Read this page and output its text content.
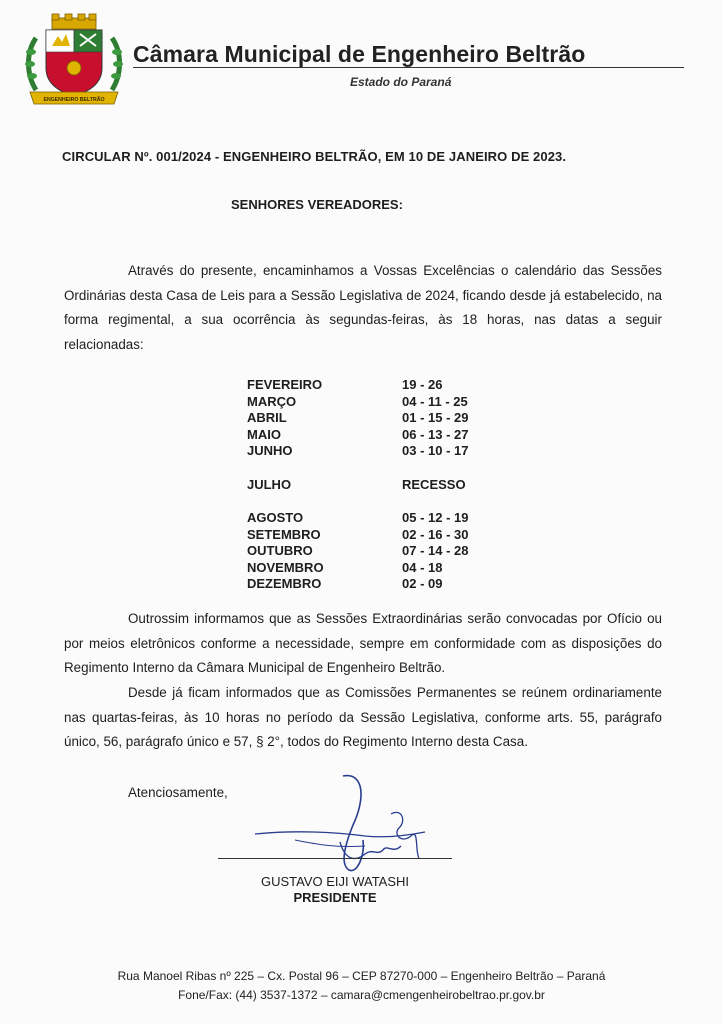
ENGENHEIRO BELTRÃO
Câmara Municipal de Engenheiro Beltrão
Estado do Paraná
CIRCULAR Nº. 001/2024 - ENGENHEIRO BELTRÃO, EM 10 DE JANEIRO DE 2023.
SENHORES VEREADORES:

Através do presente, encaminhamos a Vossas Excelências o calendário das Sessões Ordinárias desta Casa de Leis para a Sessão Legislativa de 2024, ficando desde já estabelecido, na forma regimental, a sua ocorrência às segundas-feiras, às 18 horas, nas datas a seguir relacionadas:

FEVEREIRO	19 - 26
MARÇO	04 - 11 - 25
ABRIL	01 - 15 - 29
MAIO	06 - 13 - 27
JUNHO	03 - 10 - 17
JULHO	RECESSO
AGOSTO	05 - 12 - 19
SETEMBRO	02 - 16 - 30
OUTUBRO	07 - 14 - 28
NOVEMBRO	04 - 18
DEZEMBRO	02 - 09

Outrossim informamos que as Sessões Extraordinárias serão convocadas por Ofício ou por meios eletrônicos conforme a necessidade, sempre em conformidade com as disposições do Regimento Interno da Câmara Municipal de Engenheiro Beltrão.

Desde já ficam informados que as Comissões Permanentes se reúnem ordinariamente nas quartas-feiras, às 10 horas no período da Sessão Legislativa, conforme arts. 55, parágrafo único, 56, parágrafo único e 57, § 2°, todos do Regimento Interno desta Casa.

Atenciosamente,
GUSTAVO EIJI WATASHI
PRESIDENTE
Rua Manoel Ribas nº 225 – Cx. Postal 96 – CEP 87270-000 – Engenheiro Beltrão – Paraná
Fone/Fax: (44) 3537-1372 – camara@cmengenheirobeltrao.pr.gov.br
